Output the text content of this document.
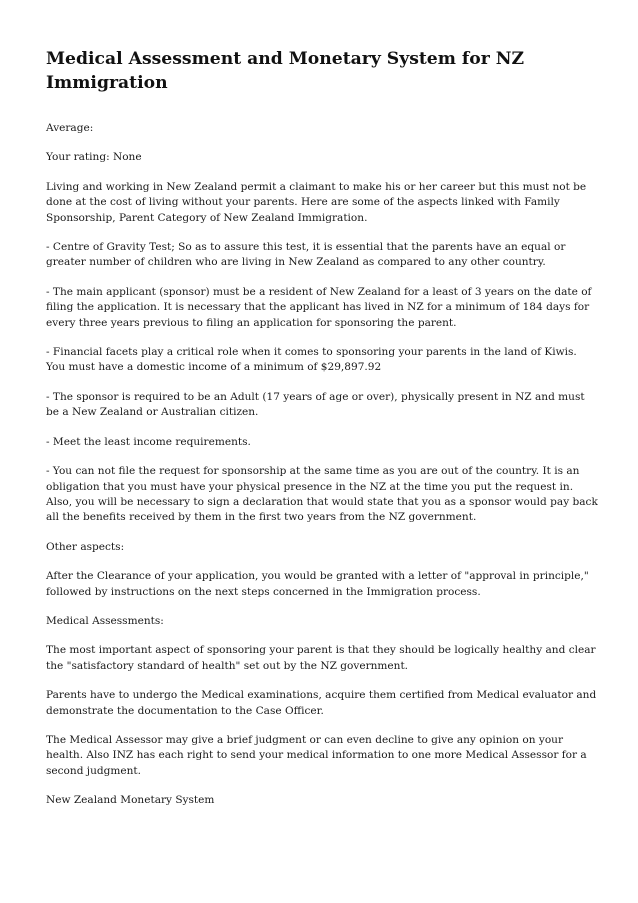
Medical Assessment and Monetary System for NZ Immigration

Average:

Your rating: None

Living and working in New Zealand permit a claimant to make his or her career but this must not be done at the cost of living without your parents. Here are some of the aspects linked with Family Sponsorship, Parent Category of New Zealand Immigration.

- Centre of Gravity Test; So as to assure this test, it is essential that the parents have an equal or greater number of children who are living in New Zealand as compared to any other country.

- The main applicant (sponsor) must be a resident of New Zealand for a least of 3 years on the date of filing the application. It is necessary that the applicant has lived in NZ for a minimum of 184 days for every three years previous to filing an application for sponsoring the parent.

- Financial facets play a critical role when it comes to sponsoring your parents in the land of Kiwis. You must have a domestic income of a minimum of $29,897.92

- The sponsor is required to be an Adult (17 years of age or over), physically present in NZ and must be a New Zealand or Australian citizen.

- Meet the least income requirements.

- You can not file the request for sponsorship at the same time as you are out of the country. It is an obligation that you must have your physical presence in the NZ at the time you put the request in. Also, you will be necessary to sign a declaration that would state that you as a sponsor would pay back all the benefits received by them in the first two years from the NZ government.

Other aspects:

After the Clearance of your application, you would be granted with a letter of "approval in principle," followed by instructions on the next steps concerned in the Immigration process.

Medical Assessments:

The most important aspect of sponsoring your parent is that they should be logically healthy and clear the "satisfactory standard of health" set out by the NZ government.

Parents have to undergo the Medical examinations, acquire them certified from Medical evaluator and demonstrate the documentation to the Case Officer.

The Medical Assessor may give a brief judgment or can even decline to give any opinion on your health. Also INZ has each right to send your medical information to one more Medical Assessor for a second judgment.

New Zealand Monetary System
